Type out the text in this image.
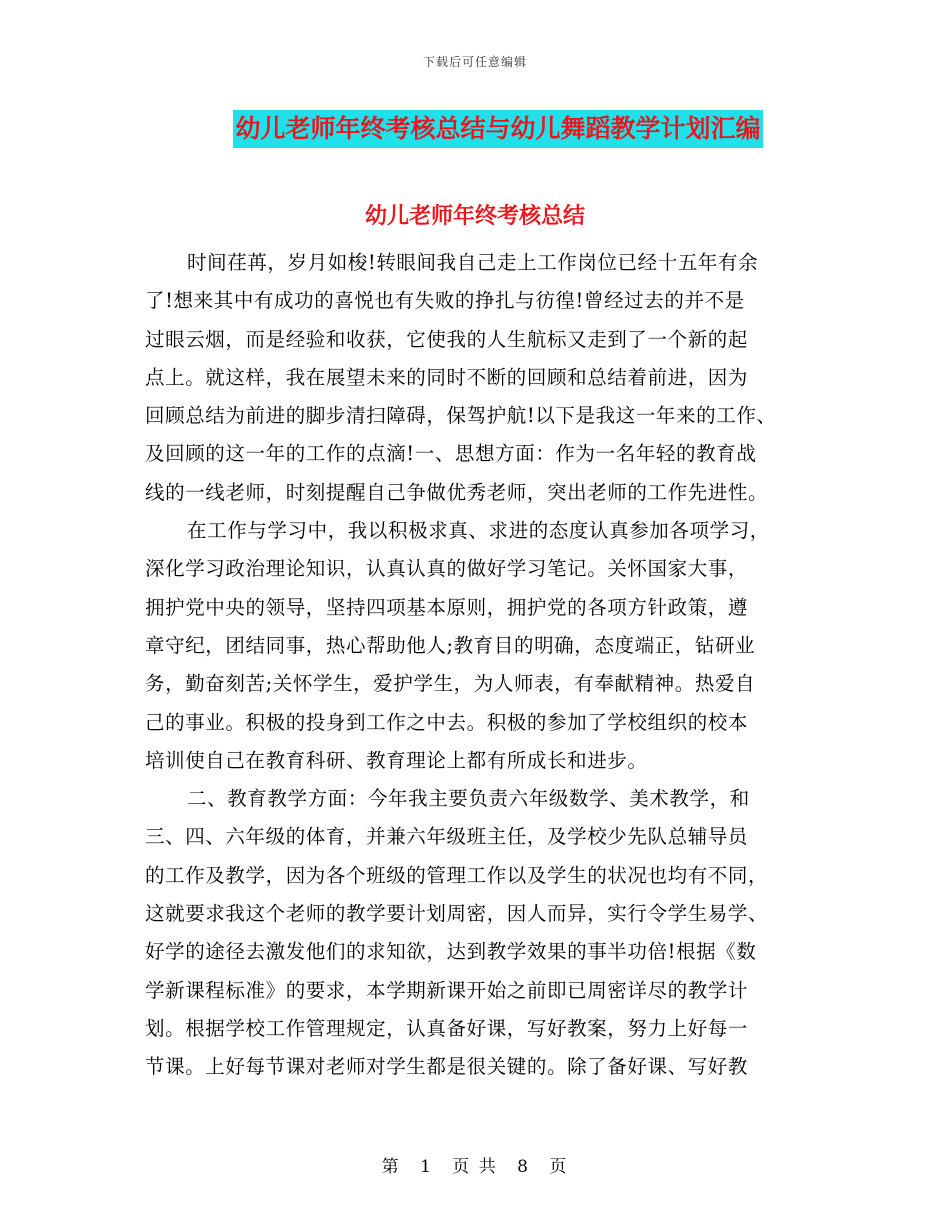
下载后可任意编辑
幼儿老师年终考核总结与幼儿舞蹈教学计划汇编
幼儿老师年终考核总结
时间荏苒，岁月如梭!转眼间我自己走上工作岗位已经十五年有余
了!想来其中有成功的喜悦也有失败的挣扎与彷徨!曾经过去的并不是
过眼云烟，而是经验和收获，它使我的人生航标又走到了一个新的起
点上。就这样，我在展望未来的同时不断的回顾和总结着前进，因为
回顾总结为前进的脚步清扫障碍，保驾护航!以下是我这一年来的工作、
及回顾的这一年的工作的点滴!一、思想方面：作为一名年轻的教育战
线的一线老师，时刻提醒自己争做优秀老师，突出老师的工作先进性。
在工作与学习中，我以积极求真、求进的态度认真参加各项学习，
深化学习政治理论知识，认真认真的做好学习笔记。关怀国家大事，
拥护党中央的领导，坚持四项基本原则，拥护党的各项方针政策，遵
章守纪，团结同事，热心帮助他人;教育目的明确，态度端正，钻研业
务，勤奋刻苦;关怀学生，爱护学生，为人师表，有奉献精神。热爱自
己的事业。积极的投身到工作之中去。积极的参加了学校组织的校本
培训使自己在教育科研、教育理论上都有所成长和进步。
二、教育教学方面：今年我主要负责六年级数学、美术教学，和
三、四、六年级的体育，并兼六年级班主任，及学校少先队总辅导员
的工作及教学，因为各个班级的管理工作以及学生的状况也均有不同，
这就要求我这个老师的教学要计划周密，因人而异，实行令学生易学、
好学的途径去激发他们的求知欲，达到教学效果的事半功倍!根据《数
学新课程标准》的要求，本学期新课开始之前即已周密详尽的教学计
划。根据学校工作管理规定，认真备好课，写好教案，努力上好每一
节课。上好每节课对老师对学生都是很关键的。除了备好课、写好教
第 1 页 共 8 页
